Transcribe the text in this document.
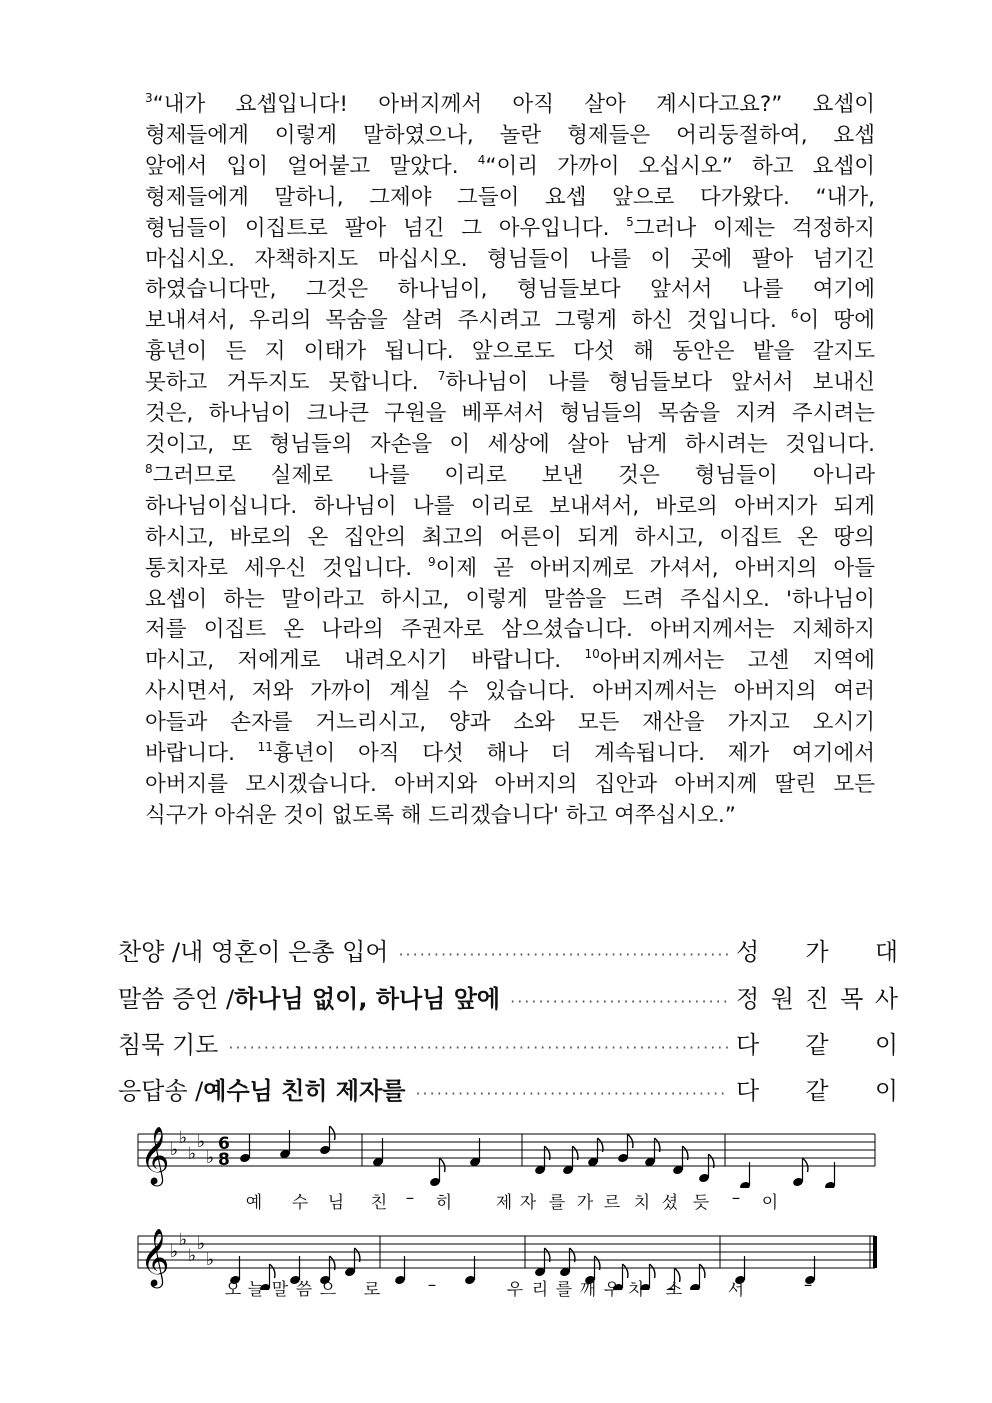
$^3$“내가 요셉입니다! 아버지께서 아직 살아 계시다고요?” 요셉이
형제들에게 이렇게 말하였으나, 놀란 형제들은 어리둥절하여, 요셉
앞에서 입이 얼어붙고 말았다. $^4$“이리 가까이 오십시오” 하고 요셉이
형제들에게 말하니, 그제야 그들이 요셉 앞으로 다가왔다. “내가,
형님들이 이집트로 팔아 넘긴 그 아우입니다. $^5$그러나 이제는 걱정하지
마십시오. 자책하지도 마십시오. 형님들이 나를 이 곳에 팔아 넘기긴
하였습니다만, 그것은 하나님이, 형님들보다 앞서서 나를 여기에
보내셔서, 우리의 목숨을 살려 주시려고 그렇게 하신 것입니다. $^6$이 땅에
흉년이 든 지 이태가 됩니다. 앞으로도 다섯 해 동안은 밭을 갈지도
못하고 거두지도 못합니다. $^7$하나님이 나를 형님들보다 앞서서 보내신
것은, 하나님이 크나큰 구원을 베푸셔서 형님들의 목숨을 지켜 주시려는
것이고, 또 형님들의 자손을 이 세상에 살아 남게 하시려는 것입니다.
$^8$그러므로 실제로 나를 이리로 보낸 것은 형님들이 아니라
하나님이십니다. 하나님이 나를 이리로 보내셔서, 바로의 아버지가 되게
하시고, 바로의 온 집안의 최고의 어른이 되게 하시고, 이집트 온 땅의
통치자로 세우신 것입니다. $^9$이제 곧 아버지께로 가셔서, 아버지의 아들
요셉이 하는 말이라고 하시고, 이렇게 말씀을 드려 주십시오. '하나님이
저를 이집트 온 나라의 주권자로 삼으셨습니다. 아버지께서는 지체하지
마시고, 저에게로 내려오시기 바랍니다. $^{10}$아버지께서는 고센 지역에
사시면서, 저와 가까이 계실 수 있습니다. 아버지께서는 아버지의 여러
아들과 손자를 거느리시고, 양과 소와 모든 재산을 가지고 오시기
바랍니다. $^{11}$흉년이 아직 다섯 해나 더 계속됩니다. 제가 여기에서
아버지를 모시겠습니다. 아버지와 아버지의 집안과 아버지께 딸린 모든
식구가 아쉬운 것이 없도록 해 드리겠습니다' 하고 여쭈십시오.”
찬양 / 내 영혼이 은총 입어 ·····	성 가 대
말씀 증언 / 하나님 없이, 하나님 앞에 ·····	정 원 진 목 사
침묵 기도 ·····	다 같 이
응답송 / 예수님 친히 제자를 ·····	다 같 이
𝄞 ♭
♭
♭
♭
♭
6
8
예 수 님 친 – 히	제 자 를 가 르 치 셨 듯 – 이
𝄞 ♭
♭
♭
♭
♭
오 늘 말 씀 으 로	–	우 리 를 깨 우 치 소	서	–
